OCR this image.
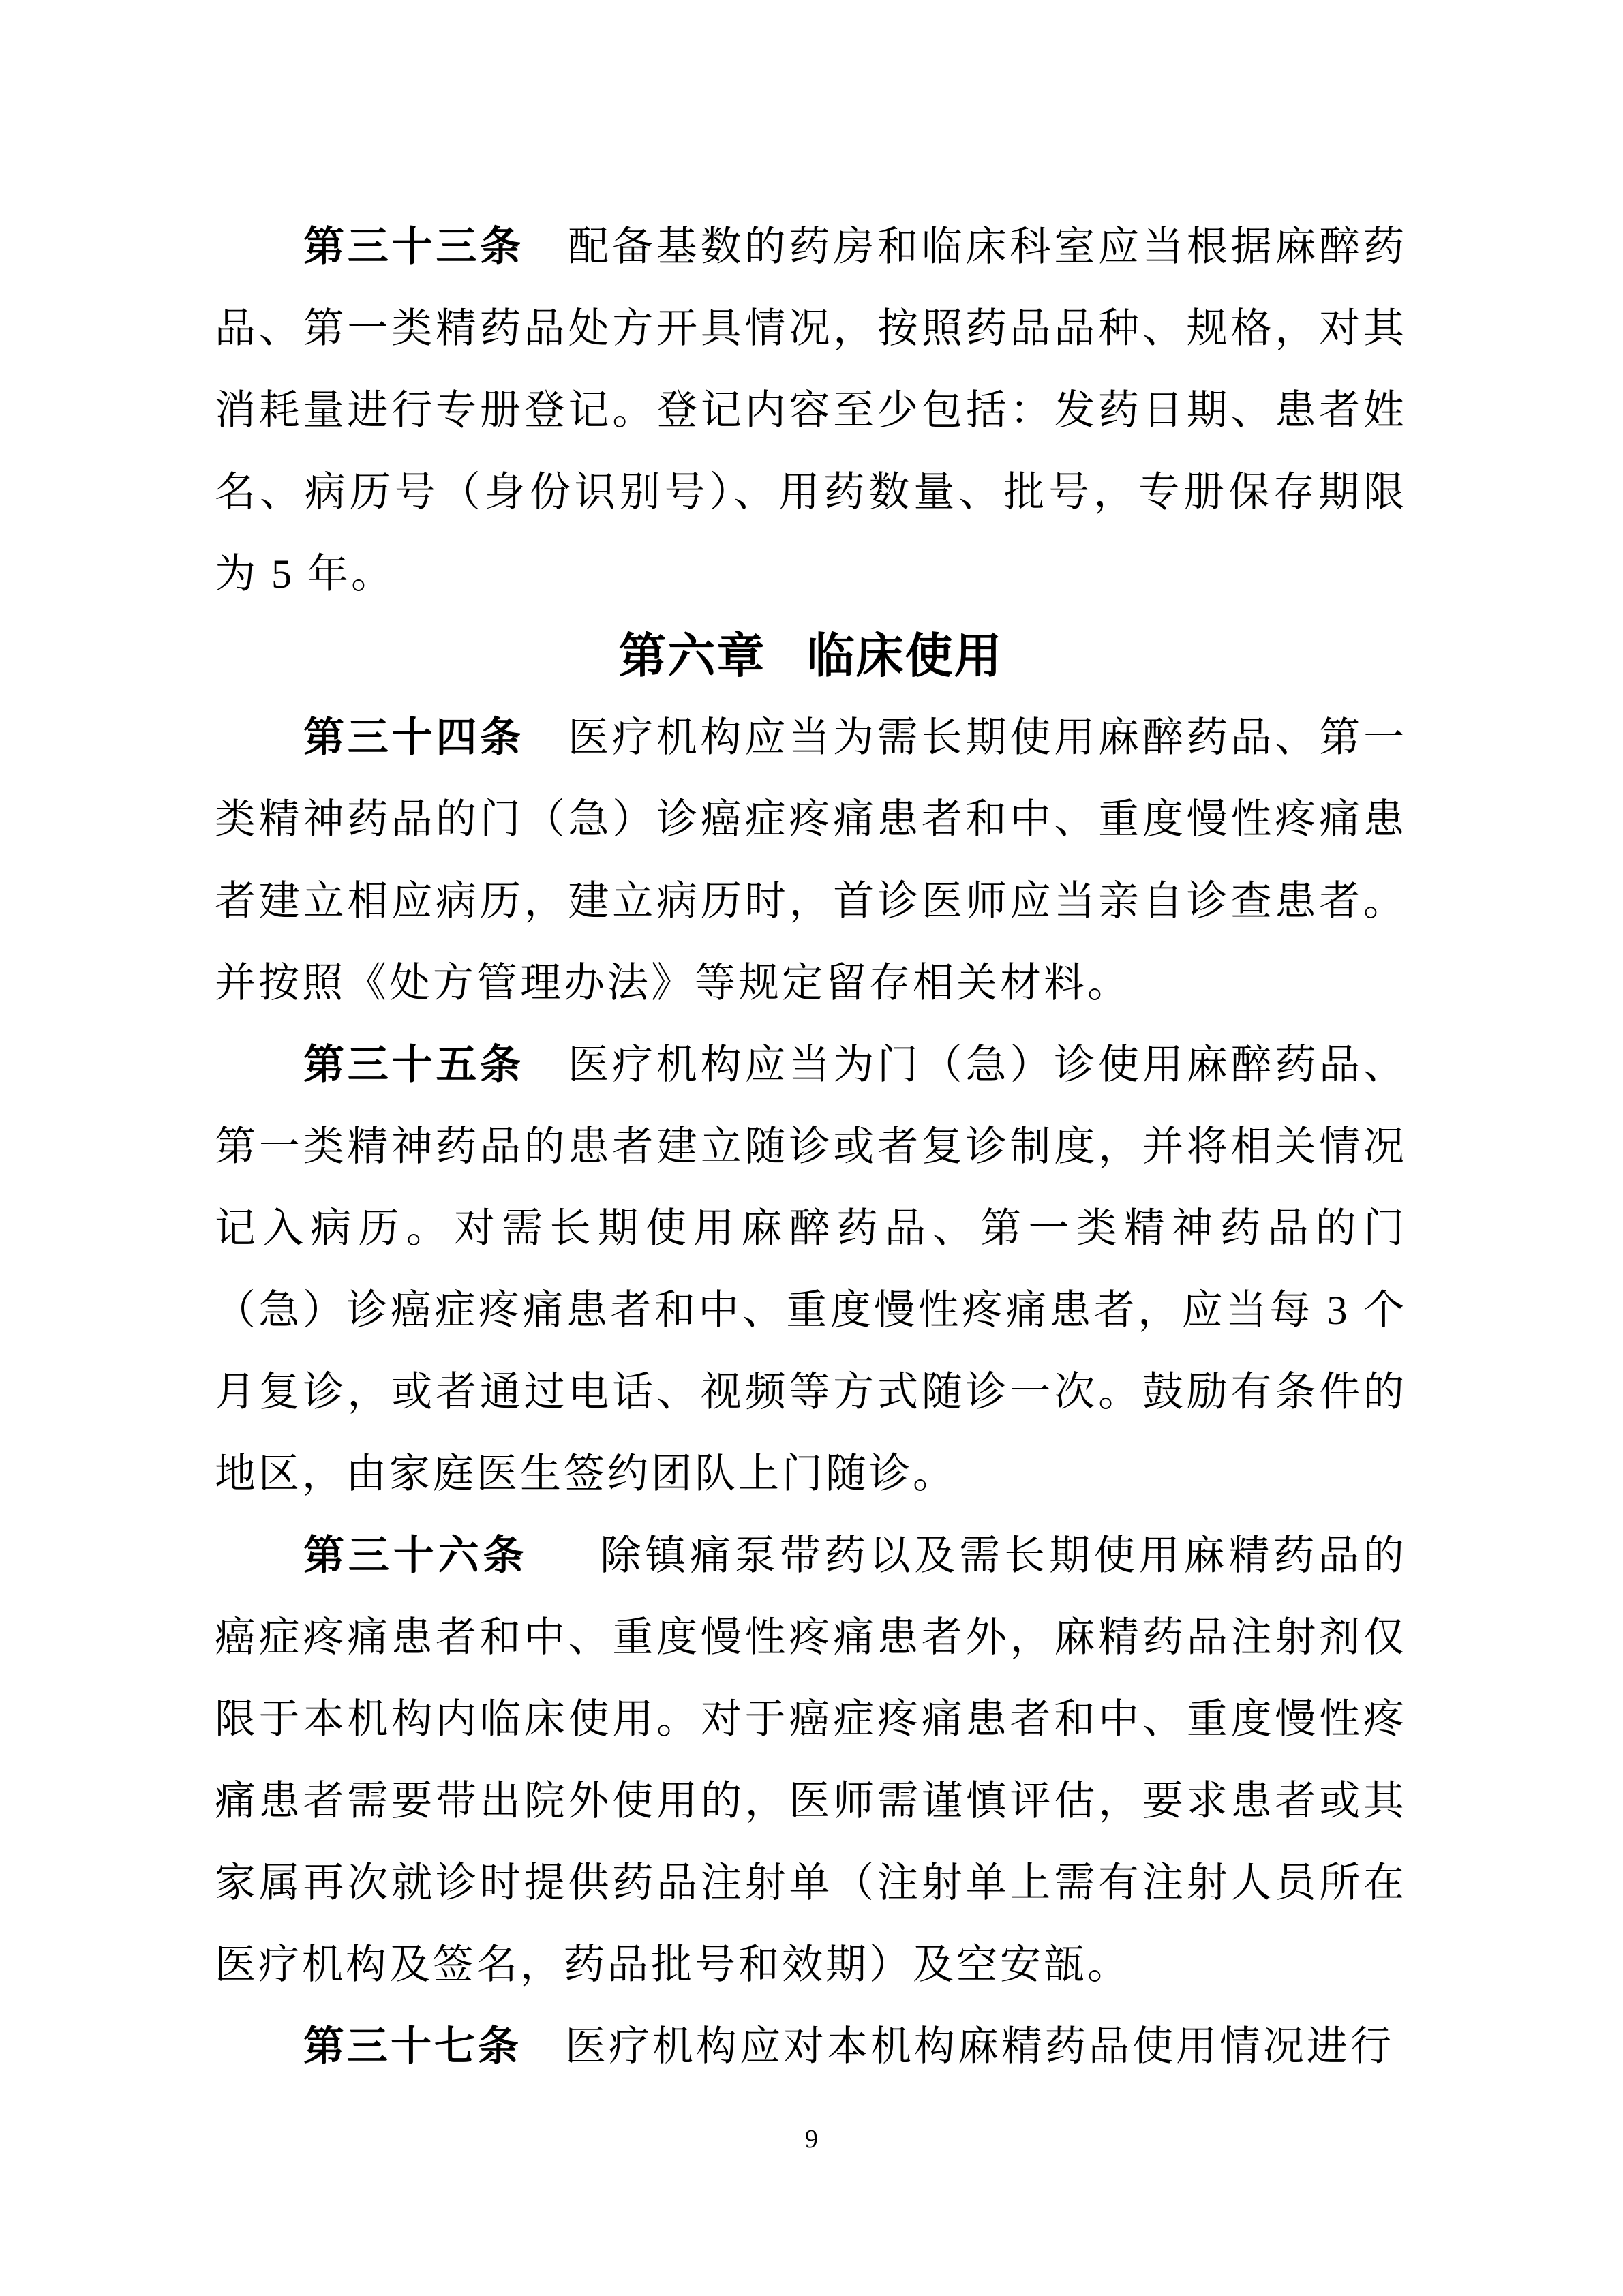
第三十三条 配备基数的药房和临床科室应当根据麻醉药品、第一类精药品处方开具情况，按照药品品种、规格，对其消耗量进行专册登记。登记内容至少包括：发药日期、患者姓名、病历号（身份识别号）、用药数量、批号，专册保存期限为 5 年。

第六章 临床使用

第三十四条 医疗机构应当为需长期使用麻醉药品、第一类精神药品的门（急）诊癌症疼痛患者和中、重度慢性疼痛患者建立相应病历，建立病历时，首诊医师应当亲自诊查患者。并按照《处方管理办法》等规定留存相关材料。

第三十五条 医疗机构应当为门（急）诊使用麻醉药品、第一类精神药品的患者建立随诊或者复诊制度，并将相关情况记入病历。对需长期使用麻醉药品、第一类精神药品的门（急）诊癌症疼痛患者和中、重度慢性疼痛患者，应当每 3 个月复诊，或者通过电话、视频等方式随诊一次。鼓励有条件的地区，由家庭医生签约团队上门随诊。

第三十六条 除镇痛泵带药以及需长期使用麻精药品的癌症疼痛患者和中、重度慢性疼痛患者外，麻精药品注射剂仅限于本机构内临床使用。对于癌症疼痛患者和中、重度慢性疼痛患者需要带出院外使用的，医师需谨慎评估，要求患者或其家属再次就诊时提供药品注射单（注射单上需有注射人员所在医疗机构及签名，药品批号和效期）及空安瓿。

第三十七条 医疗机构应对本机构麻精药品使用情况进行

9
